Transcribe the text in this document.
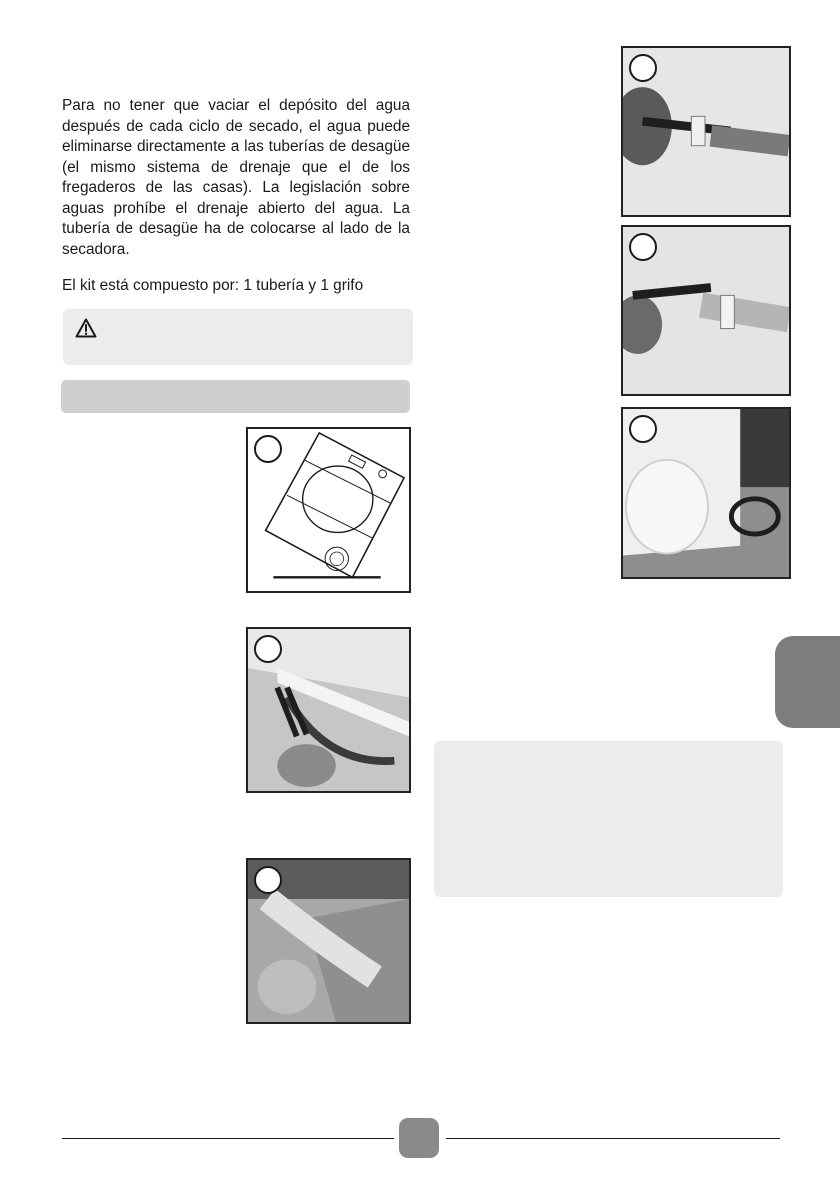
Para no tener que vaciar el depósito del agua después de cada ciclo de secado, el agua puede eliminarse directamente a las tuberías de desagüe (el mismo sistema de drenaje que el de los fregaderos de las casas). La legislación sobre aguas prohíbe el drenaje abierto del agua. La tubería de desagüe ha de colocarse al lado de la secadora.

El kit está compuesto por: 1 tubería y 1 grifo
